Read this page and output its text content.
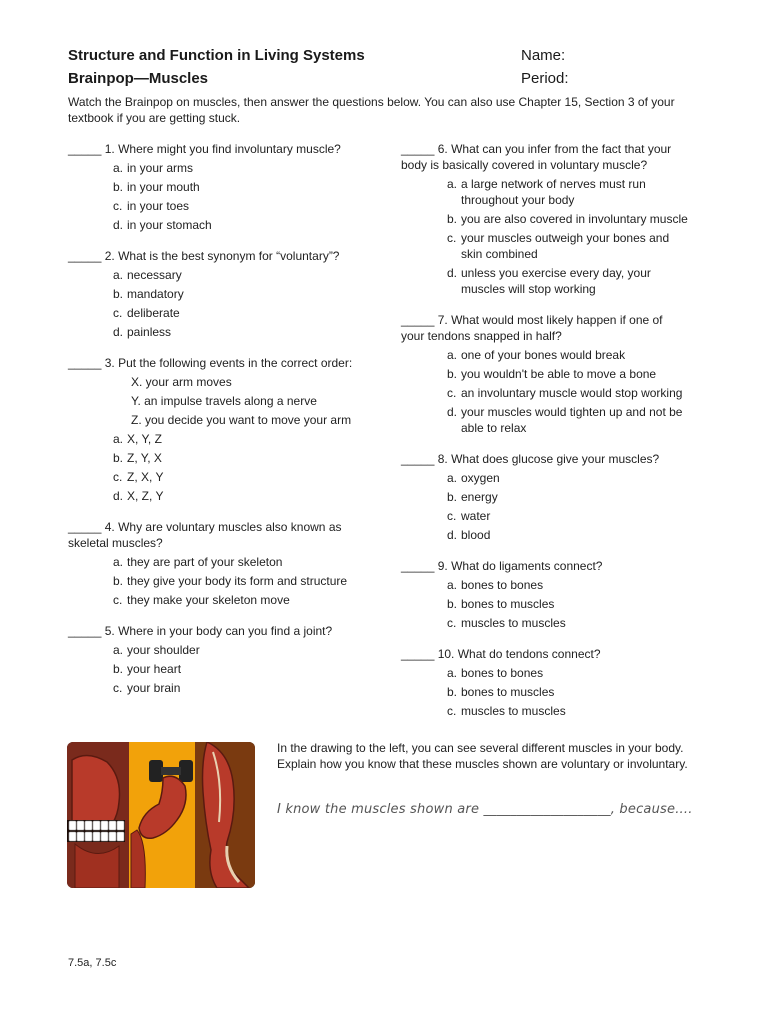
Structure and Function in Living Systems
Brainpop—Muscles
Name:
Period:
Watch the Brainpop on muscles, then answer the questions below. You can also use Chapter 15, Section 3 of your textbook if you are getting stuck.

_____ 1. Where might you find involuntary muscle?

a. in your arms

b. in your mouth

c. in your toes

d. in your stomach

_____ 2. What is the best synonym for “voluntary”?

a. necessary

b. mandatory

c. deliberate

d. painless

_____ 3. Put the following events in the correct order:

X. your arm moves

Y. an impulse travels along a nerve

Z. you decide you want to move your arm

a. X, Y, Z

b. Z, Y, X

c. Z, X, Y

d. X, Z, Y

_____ 4. Why are voluntary muscles also known as

skeletal muscles?

a. they are part of your skeleton

b. they give your body its form and structure

c. they make your skeleton move

_____ 5. Where in your body can you find a joint?

a. your shoulder

b. your heart

c. your brain

_____ 6. What can you infer from the fact that your

body is basically covered in voluntary muscle?

a. a large network of nerves must run
throughout your body

b. you are also covered in involuntary muscle

c. your muscles outweigh your bones and
skin combined

d. unless you exercise every day, your
muscles will stop working

_____ 7. What would most likely happen if one of

your tendons snapped in half?

a. one of your bones would break

b. you wouldn't be able to move a bone

c. an involuntary muscle would stop working

d. your muscles would tighten up and not be
able to relax

_____ 8. What does glucose give your muscles?

a. oxygen

b. energy

c. water

d. blood

_____ 9. What do ligaments connect?

a. bones to bones

b. bones to muscles

c. muscles to muscles

_____ 10. What do tendons connect?

a. bones to bones

b. bones to muscles

c. muscles to muscles

In the drawing to the left, you can see several different muscles in your body. Explain how you know that these muscles shown are voluntary or involuntary.
I know the muscles shown are ___________________, because....
7.5a, 7.5c
